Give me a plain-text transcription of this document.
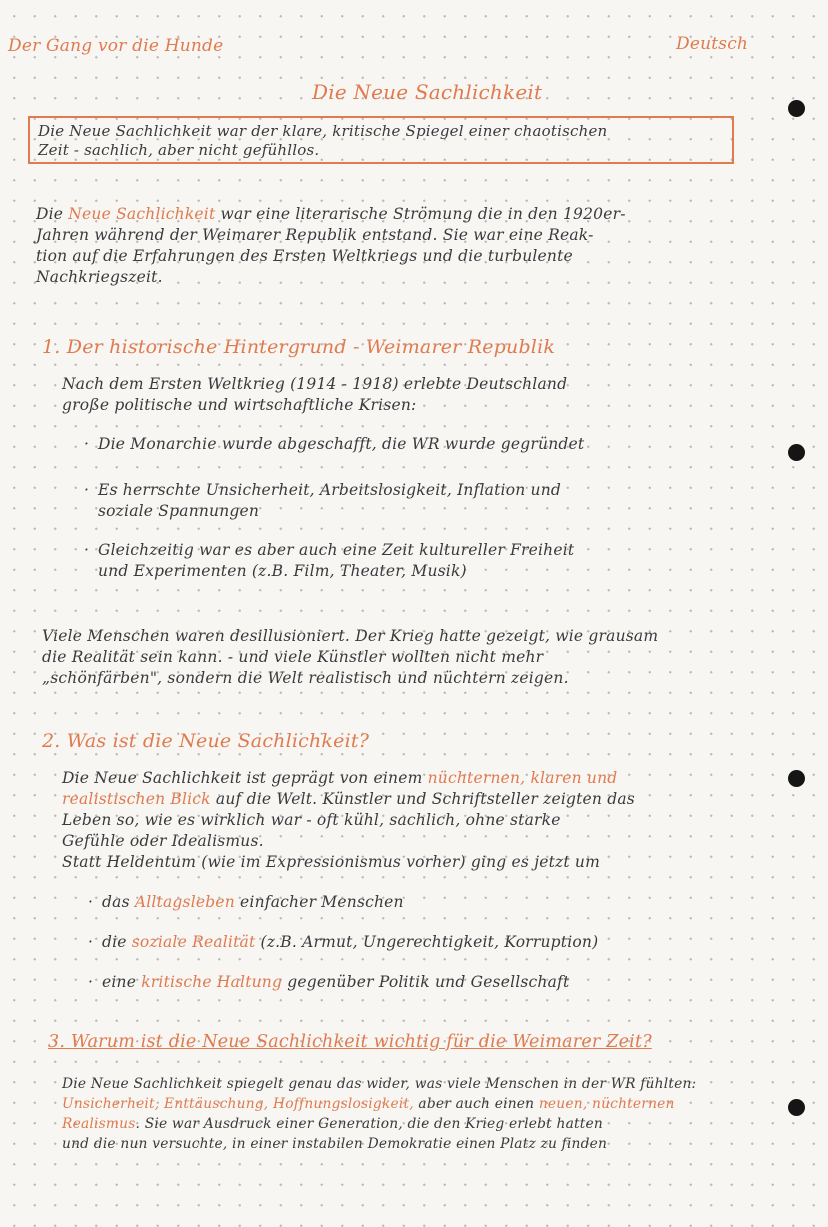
Der Gang vor die Hunde	Deutsch

Die Neue Sachlichkeit

Die Neue Sachlichkeit war der klare, kritische Spiegel einer chaotischen

Zeit - sachlich, aber nicht gefühllos.

Die Neue Sachlichkeit war eine literarische Strömung die in den 1920er-
Jahren während der Weimarer Republik entstand. Sie war eine Reak-
tion auf die Erfahrungen des Ersten Weltkriegs und die turbulente
Nachkriegszeit.

1. Der historische Hintergrund - Weimarer Republik

Nach dem Ersten Weltkrieg (1914 - 1918) erlebte Deutschland
große politische und wirtschaftliche Krisen:
· Die Monarchie wurde abgeschafft, die WR wurde gegründet
· Es herrschte Unsicherheit, Arbeitslosigkeit, Inflation und
soziale Spannungen
· Gleichzeitig war es aber auch eine Zeit kultureller Freiheit
und Experimenten (z.B. Film, Theater, Musik)
Viele Menschen waren desillusioniert. Der Krieg hatte gezeigt, wie grausam
die Realität sein kann. - und viele Künstler wollten nicht mehr
„schönfärben", sondern die Welt realistisch und nüchtern zeigen.

2. Was ist die Neue Sachlichkeit?

Die Neue Sachlichkeit ist geprägt von einem nüchternen, klaren und
realistischen Blick auf die Welt. Künstler und Schriftsteller zeigten das
Leben so, wie es wirklich war - oft kühl, sachlich, ohne starke
Gefühle oder Idealismus.
Statt Heldentum (wie im Expressionismus vorher) ging es jetzt um
· das Alltagsleben einfacher Menschen
· die soziale Realität (z.B. Armut, Ungerechtigkeit, Korruption)
· eine kritische Haltung gegenüber Politik und Gesellschaft

3. Warum ist die Neue Sachlichkeit wichtig für die Weimarer Zeit?

Die Neue Sachlichkeit spiegelt genau das wider, was viele Menschen in der WR fühlten:
Unsicherheit, Enttäuschung, Hoffnungslosigkeit, aber auch einen neuen, nüchternen
Realismus. Sie war Ausdruck einer Generation, die den Krieg erlebt hatten
und die nun versuchte, in einer instabilen Demokratie einen Platz zu finden
